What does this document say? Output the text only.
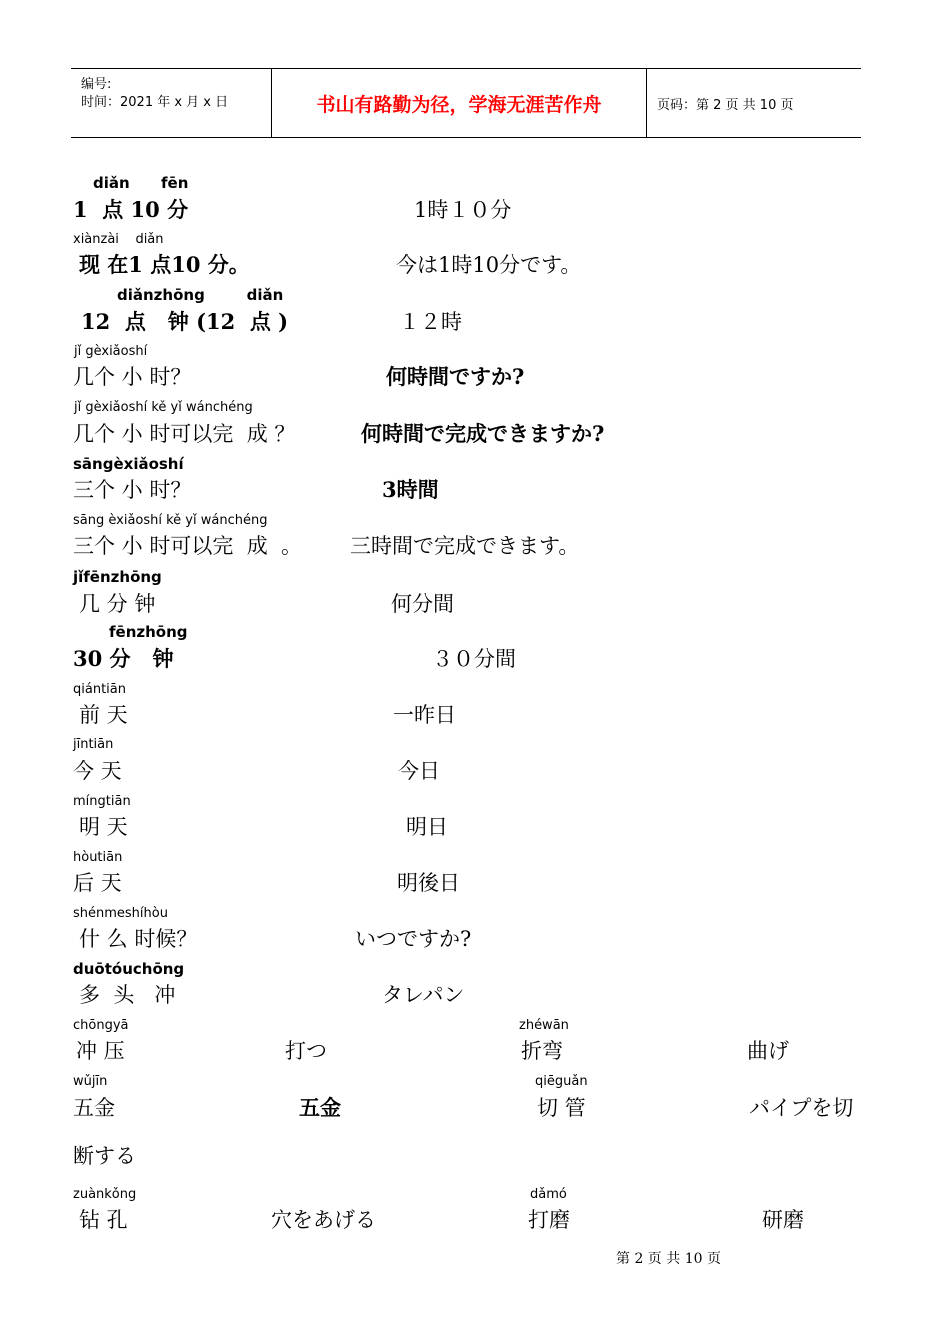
编号:
时间：2021 年 x 月 x 日	书山有路勤为径，学海无涯苦作舟	页码：第 2 页 共 10 页
diǎn      fēn
1  点 10 分	1時１０分
xiànzài    diǎn
现 在1 点10 分。	今は1時10分です。
diǎnzhōng        diǎn
12  点   钟 (12  点 )	１２時
jǐ gèxiǎoshí
几个 小 时？	何時間ですか?
jǐ gèxiǎoshí kě yǐ wánchéng
几个 小 时可以完  成 ？	何時間で完成できますか?
sāngèxiǎoshí
三个 小 时？	3時間
sāng èxiǎoshí kě yǐ wánchéng
三个 小 时可以完  成  。 三時間で完成できます。
jǐfēnzhōng
几 分 钟	何分間
fēnzhōng
30 分   钟	３０分間
qiántiān
前 天	一昨日
jīntiān
今 天	今日
míngtiān
明 天	明日
hòutiān
后 天	明後日
shénmeshíhòu
什 么 时候？	いつですか?
duōtóuchōng
多  头   冲	タレパン
chōngyā
冲 压	打つ
zhéwān
折弯	曲げ
wǔjīn
五金	五金
qiēguǎn
切 管	パイプを切
断する
zuànkǒng
钻 孔	穴をあげる
dǎmó
打磨	研磨
第 2 页 共 10 页
